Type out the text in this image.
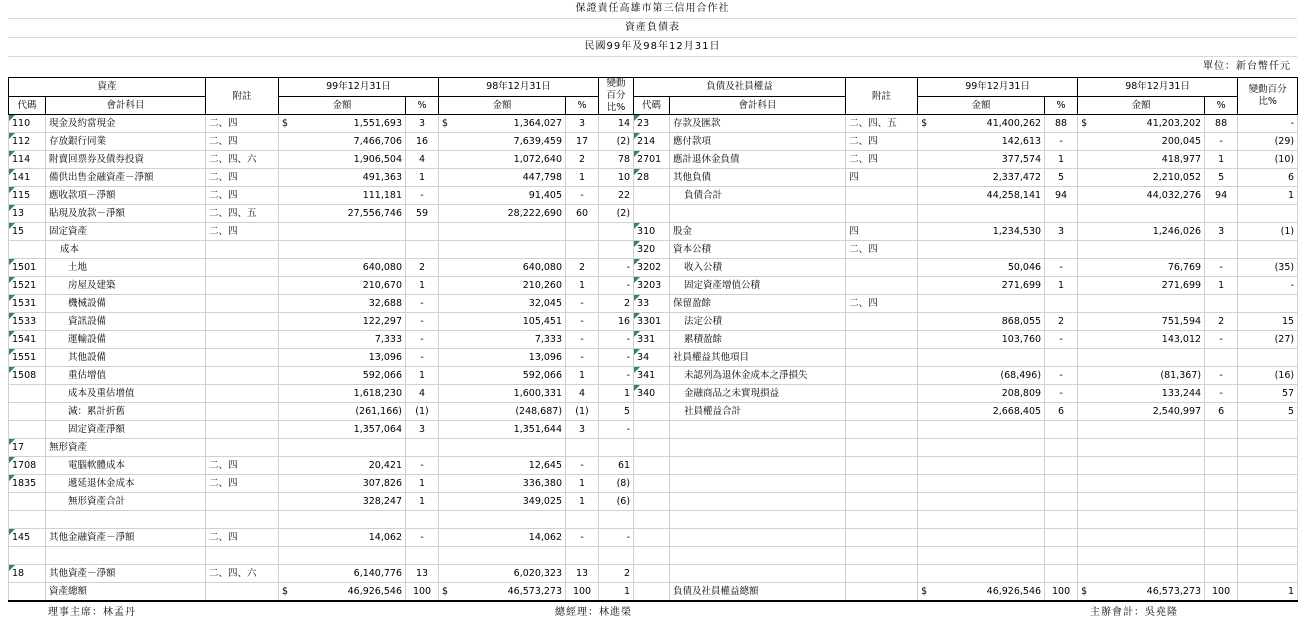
保證責任高雄市第三信用合作社
資產負債表
民國99年及98年12月31日
單位：新台幣仟元
資產		附註	99年12月31日		98年12月31日		變動百分比%	負債及社員權益		附註	99年12月31日		98年12月31日		變動百分比%
代碼	會計科目		金額	%	金額	%		代碼	會計科目		金額	%	金額	%	

110	現金及約當現金	二、四	$ 1,551,693	3	$ 1,364,027	3	14	23	存款及匯款	二、四、五	$ 41,400,262	88	$ 41,203,202	88	-

112	存放銀行同業	二、四	7,466,706	16	7,639,459	17	(2)	214	應付款項	二、四	142,613	-	200,045	-	(29)

114	附賣回票券及債券投資	二、四、六	1,906,504	4	1,072,640	2	78	2701	應計退休金負債	二、四	377,574	1	418,977	1	(10)

141	備供出售金融資產－淨額	二、四	491,363	1	447,798	1	10	28	其他負債	四	2,337,472	5	2,210,052	5	6

115	應收款項－淨額	二、四	111,181	-	91,405	-	22		負債合計		44,258,141	94	44,032,276	94	1

13	貼現及放款－淨額	二、四、五	27,556,746	59	28,222,690	60	(2)								

15	固定資產	二、四						310	股金	四	1,234,530	3	1,246,026	3	(1)
	成本							320	資本公積	二、四					

1501	土地		640,080	2	640,080	2	-	3202	收入公積		50,046	-	76,769	-	(35)

1521	房屋及建築		210,670	1	210,260	1	-	3203	固定資產增值公積		271,699	1	271,699	1	-

1531	機械設備		32,688	-	32,045	-	2	33	保留盈餘	二、四					

1533	資訊設備		122,297	-	105,451	-	16	3301	法定公積		868,055	2	751,594	2	15

1541	運輸設備		7,333	-	7,333	-	-	331	累積盈餘		103,760	-	143,012	-	(27)

1551	其他設備		13,096	-	13,096	-	-	34	社員權益其他項目						

1508	重估增值		592,066	1	592,066	1	-	341	未認列為退休金成本之淨損失		(68,496)	-	(81,367)	-	(16)
	成本及重估增值		1,618,230	4	1,600,331	4	1	340	金融商品之未實現損益		208,809	-	133,244	-	57
	減：累計折舊		(261,166)	(1)	(248,687)	(1)	5		社員權益合計		2,668,405	6	2,540,997	6	5
	固定資產淨額		1,357,064	3	1,351,644	3	-								

17	無形資產														

1708	電腦軟體成本	二、四	20,421	-	12,645	-	61								

1835	遞延退休金成本	二、四	307,826	1	336,380	1	(8)								
	無形資產合計		328,247	1	349,025	1	(6)								

145	其他金融資產－淨額	二、四	14,062	-	14,062	-	-								

18	其他資產－淨額	二、四、六	6,140,776	13	6,020,323	13	2								
	資產總額		$ 46,926,546	100	$ 46,573,273	100	1		負債及社員權益總額		$ 46,926,546	100	$ 46,573,273	100	1
理事主席：林孟丹	總經理：林進榮	主辦會計：吳堯隆
